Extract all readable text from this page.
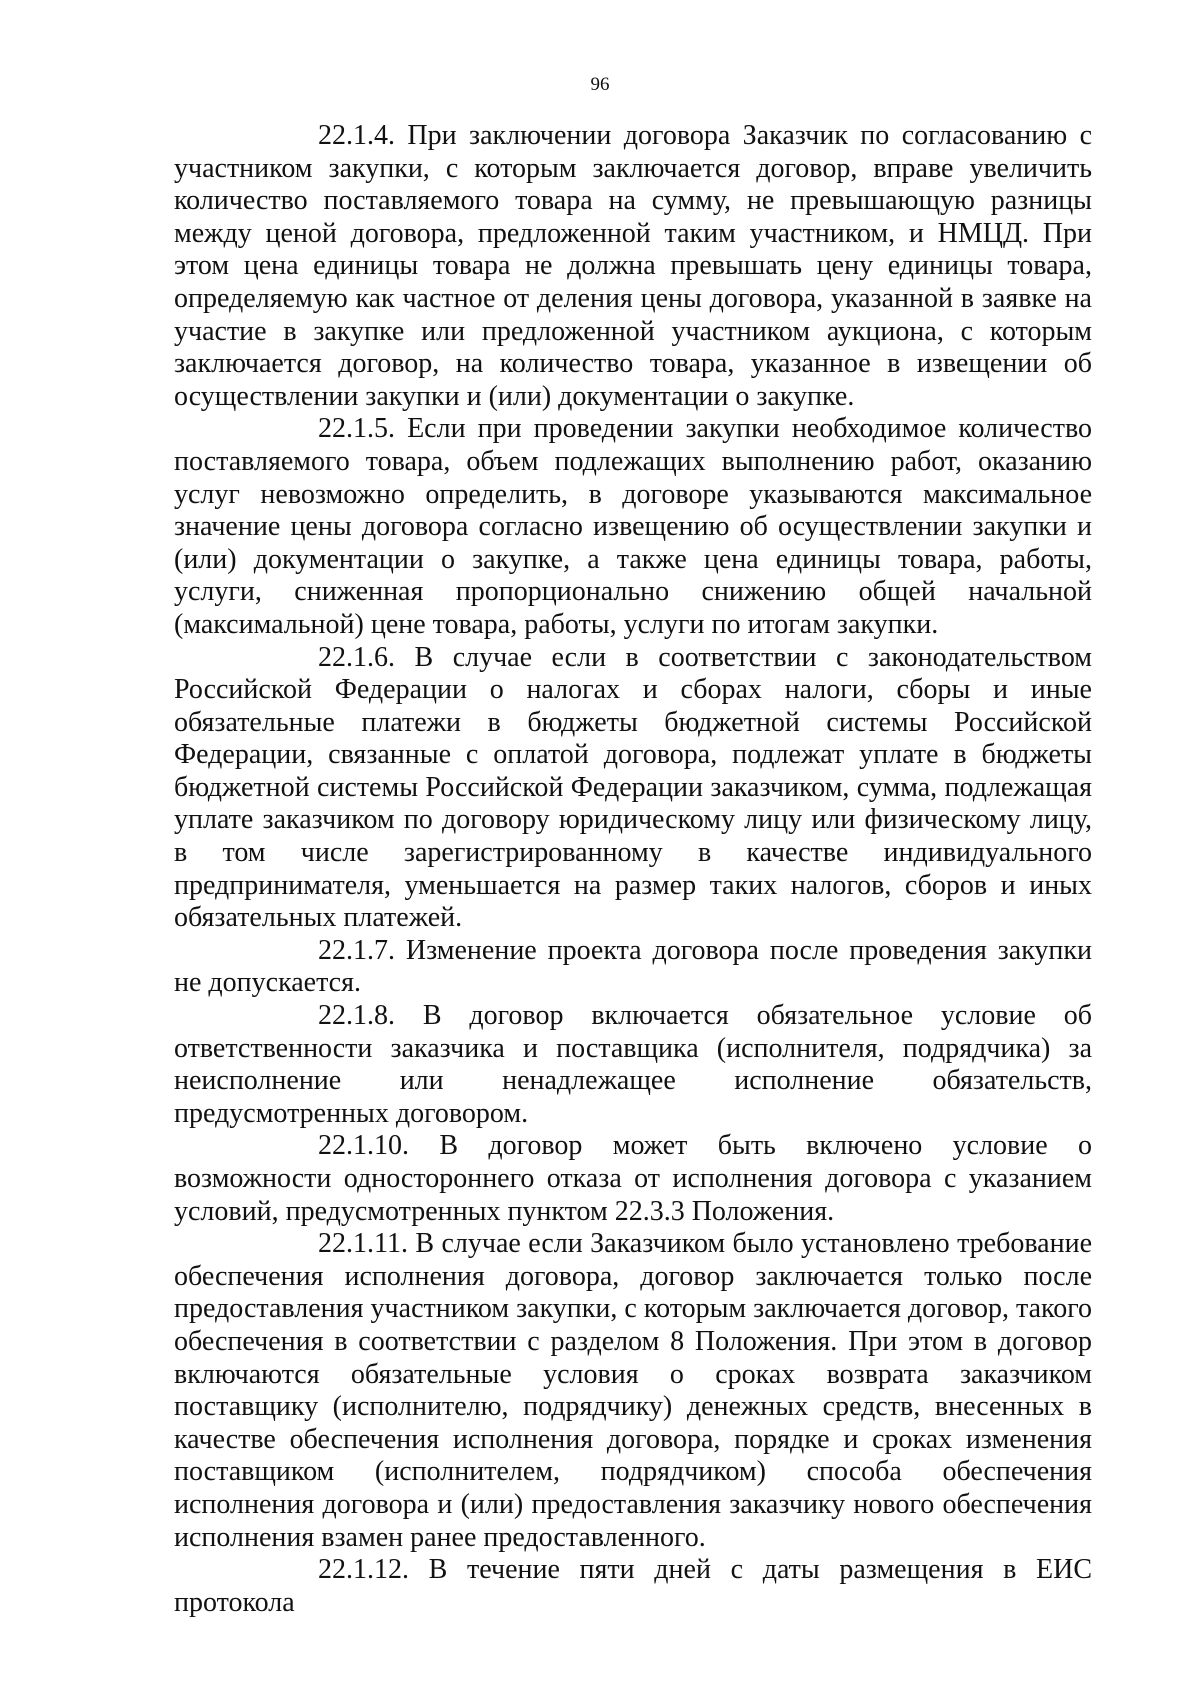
96

22.1.4. При заключении договора Заказчик по согласованию с участником закупки, с которым заключается договор, вправе увеличить количество поставляемого товара на сумму, не превышающую разницы между ценой договора, предложенной таким участником, и НМЦД. При этом цена единицы товара не должна превышать цену единицы товара, определяемую как частное от деления цены договора, указанной в заявке на участие в закупке или предложенной участником аукциона, с которым заключается договор, на количество товара, указанное в извещении об осуществлении закупки и (или) документации о закупке.

22.1.5. Если при проведении закупки необходимое количество поставляемого товара, объем подлежащих выполнению работ, оказанию услуг невозможно определить, в договоре указываются максимальное значение цены договора согласно извещению об осуществлении закупки и (или) документации о закупке, а также цена единицы товара, работы, услуги, сниженная пропорционально снижению общей начальной (максимальной) цене товара, работы, услуги по итогам закупки.

22.1.6. В случае если в соответствии с законодательством Российской Федерации о налогах и сборах налоги, сборы и иные обязательные платежи в бюджеты бюджетной системы Российской Федерации, связанные с оплатой договора, подлежат уплате в бюджеты бюджетной системы Российской Федерации заказчиком, сумма, подлежащая уплате заказчиком по договору юридическому лицу или физическому лицу, в том числе зарегистрированному в качестве индивидуального предпринимателя, уменьшается на размер таких налогов, сборов и иных обязательных платежей.

22.1.7. Изменение проекта договора после проведения закупки не допускается.

22.1.8. В договор включается обязательное условие об ответственности заказчика и поставщика (исполнителя, подрядчика) за неисполнение или ненадлежащее исполнение обязательств, предусмотренных договором.

22.1.10. В договор может быть включено условие о возможности одностороннего отказа от исполнения договора с указанием условий, предусмотренных пунктом 22.3.3 Положения.

22.1.11. В случае если Заказчиком было установлено требование обеспечения исполнения договора, договор заключается только после предоставления участником закупки, с которым заключается договор, такого обеспечения в соответствии с разделом 8 Положения. При этом в договор включаются обязательные условия о сроках возврата заказчиком поставщику (исполнителю, подрядчику) денежных средств, внесенных в качестве обеспечения исполнения договора, порядке и сроках изменения поставщиком (исполнителем, подрядчиком) способа обеспечения исполнения договора и (или) предоставления заказчику нового обеспечения исполнения взамен ранее предоставленного.

22.1.12. В течение пяти дней с даты размещения в ЕИС протокола
